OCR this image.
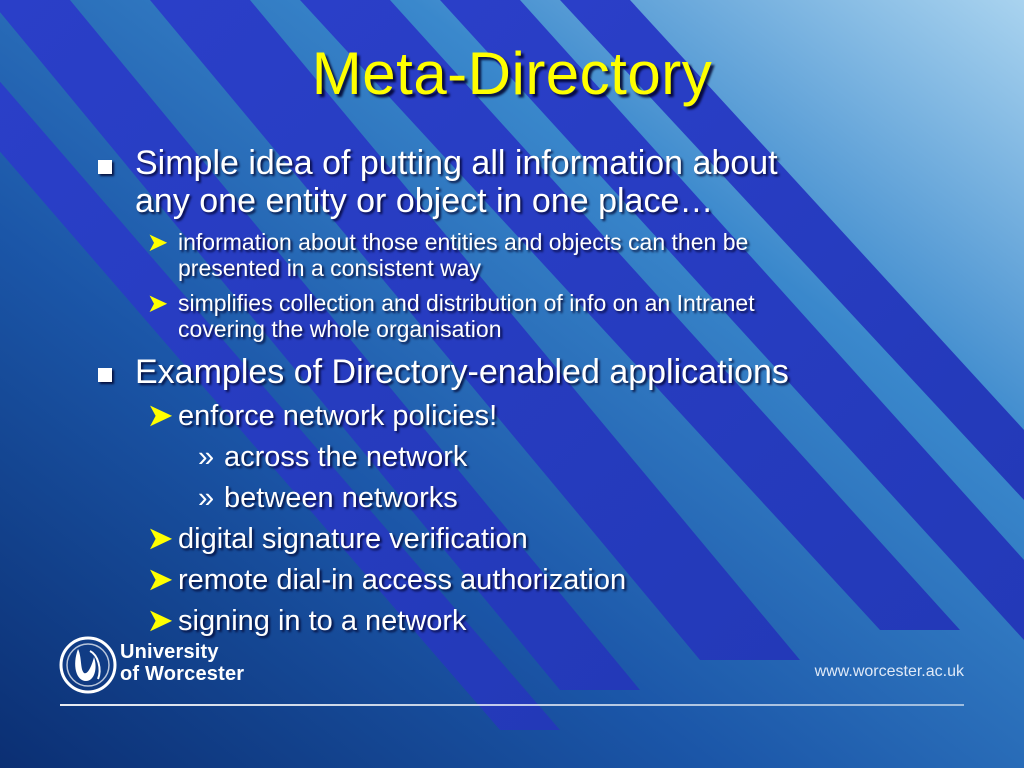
Meta-Directory
Simple idea of putting all information about
any one entity or object in one place…
➤ information about those entities and objects can then be
presented in a consistent way
➤ simplifies collection and distribution of info on an Intranet
covering the whole organisation
Examples of Directory-enabled applications
➤ enforce network policies!
» across the network
» between networks
➤ digital signature verification
➤ remote dial-in access authorization
➤ signing in to a network
University
of Worcester	www.worcester.ac.uk
